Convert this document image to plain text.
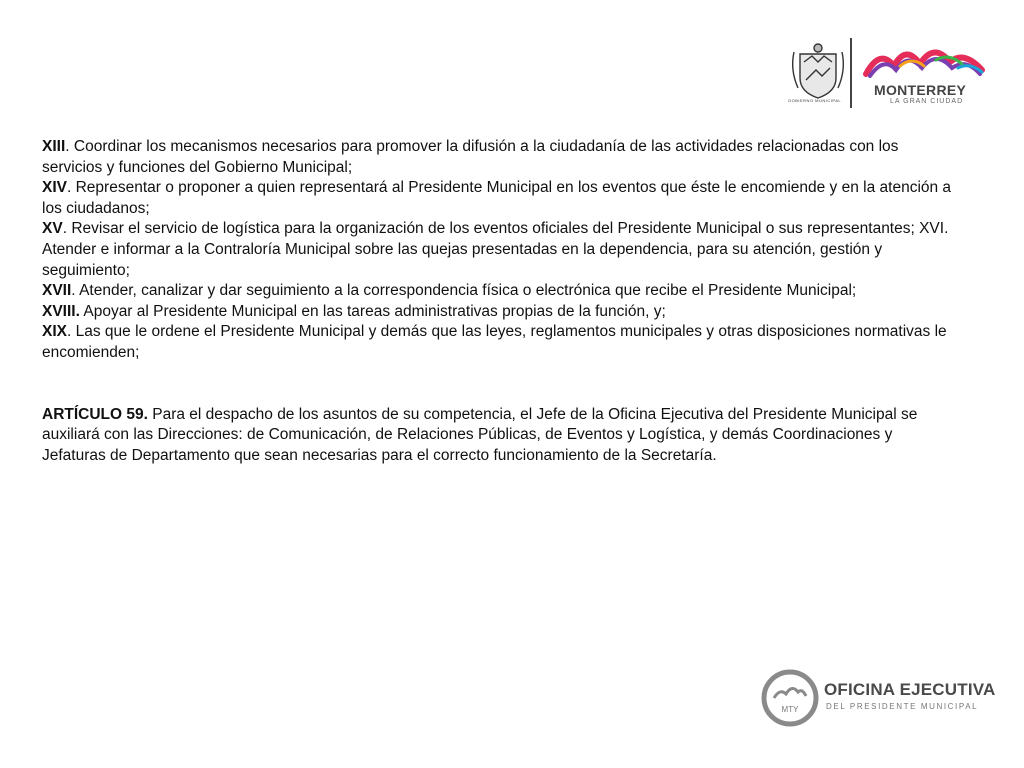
GOBIERNO MUNICIPAL
MONTERREY
LA GRAN CIUDAD
XIII. Coordinar los mecanismos necesarios para promover la difusión a la ciudadanía de las actividades relacionadas con los servicios y funciones del Gobierno Municipal;
XIV. Representar o proponer a quien representará al Presidente Municipal en los eventos que éste le encomiende y en la atención a los ciudadanos;
XV. Revisar el servicio de logística para la organización de los eventos oficiales del Presidente Municipal o sus representantes; XVI. Atender e informar a la Contraloría Municipal sobre las quejas presentadas en la dependencia, para su atención, gestión y seguimiento;
XVII. Atender, canalizar y dar seguimiento a la correspondencia física o electrónica que recibe el Presidente Municipal;
XVIII. Apoyar al Presidente Municipal en las tareas administrativas propias de la función, y;
XIX. Las que le ordene el Presidente Municipal y demás que las leyes, reglamentos municipales y otras disposiciones normativas le encomienden;
ARTÍCULO 59. Para el despacho de los asuntos de su competencia, el Jefe de la Oficina Ejecutiva del Presidente Municipal se auxiliará con las Direcciones: de Comunicación, de Relaciones Públicas, de Eventos y Logística, y demás Coordinaciones y Jefaturas de Departamento que sean necesarias para el correcto funcionamiento de la Secretaría.
MTY
OFICINA EJECUTIVA
DEL PRESIDENTE MUNICIPAL
